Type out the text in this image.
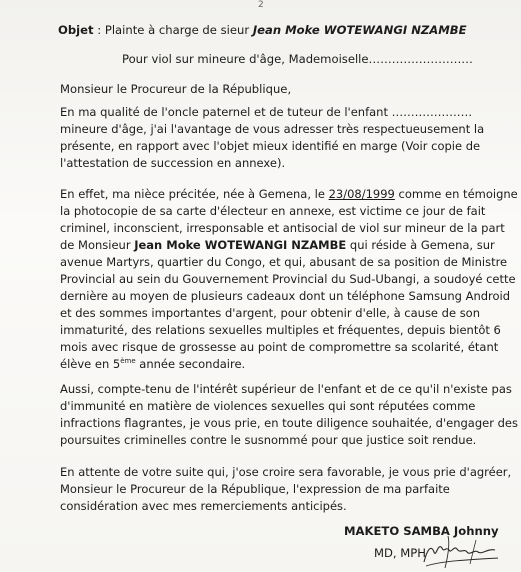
2
Objet : Plainte à charge de sieur Jean Moke WOTEWANGI NZAMBE
Pour viol sur mineure d'âge, Mademoiselle………………………
Monsieur le Procureur de la République,
En ma qualité de l'oncle paternel et de tuteur de l'enfant …………………
mineure d'âge, j'ai l'avantage de vous adresser très respectueusement la
présente, en rapport avec l'objet mieux identifié en marge (Voir copie de
l'attestation de succession en annexe).
En effet, ma nièce précitée, née à Gemena, le 23/08/1999 comme en témoigne
la photocopie de sa carte d'électeur en annexe, est victime ce jour de fait
criminel, inconscient, irresponsable et antisocial de viol sur mineur de la part
de Monsieur Jean Moke WOTEWANGI NZAMBE qui réside à Gemena, sur
avenue Martyrs, quartier du Congo, et qui, abusant de sa position de Ministre
Provincial au sein du Gouvernement Provincial du Sud-Ubangi, a soudoyé cette
dernière au moyen de plusieurs cadeaux dont un téléphone Samsung Android
et des sommes importantes d'argent, pour obtenir d'elle, à cause de son
immaturité, des relations sexuelles multiples et fréquentes, depuis bientôt 6
mois avec risque de grossesse au point de compromettre sa scolarité, étant
élève en 5ème année secondaire.
Aussi, compte-tenu de l'intérêt supérieur de l'enfant et de ce qu'il n'existe pas
d'immunité en matière de violences sexuelles qui sont réputées comme
infractions flagrantes, je vous prie, en toute diligence souhaitée, d'engager des
poursuites criminelles contre le susnommé pour que justice soit rendue.
En attente de votre suite qui, j'ose croire sera favorable, je vous prie d'agréer,
Monsieur le Procureur de la République, l'expression de ma parfaite
considération avec mes remerciements anticipés.
MAKETO SAMBA Johnny
MD, MPH
